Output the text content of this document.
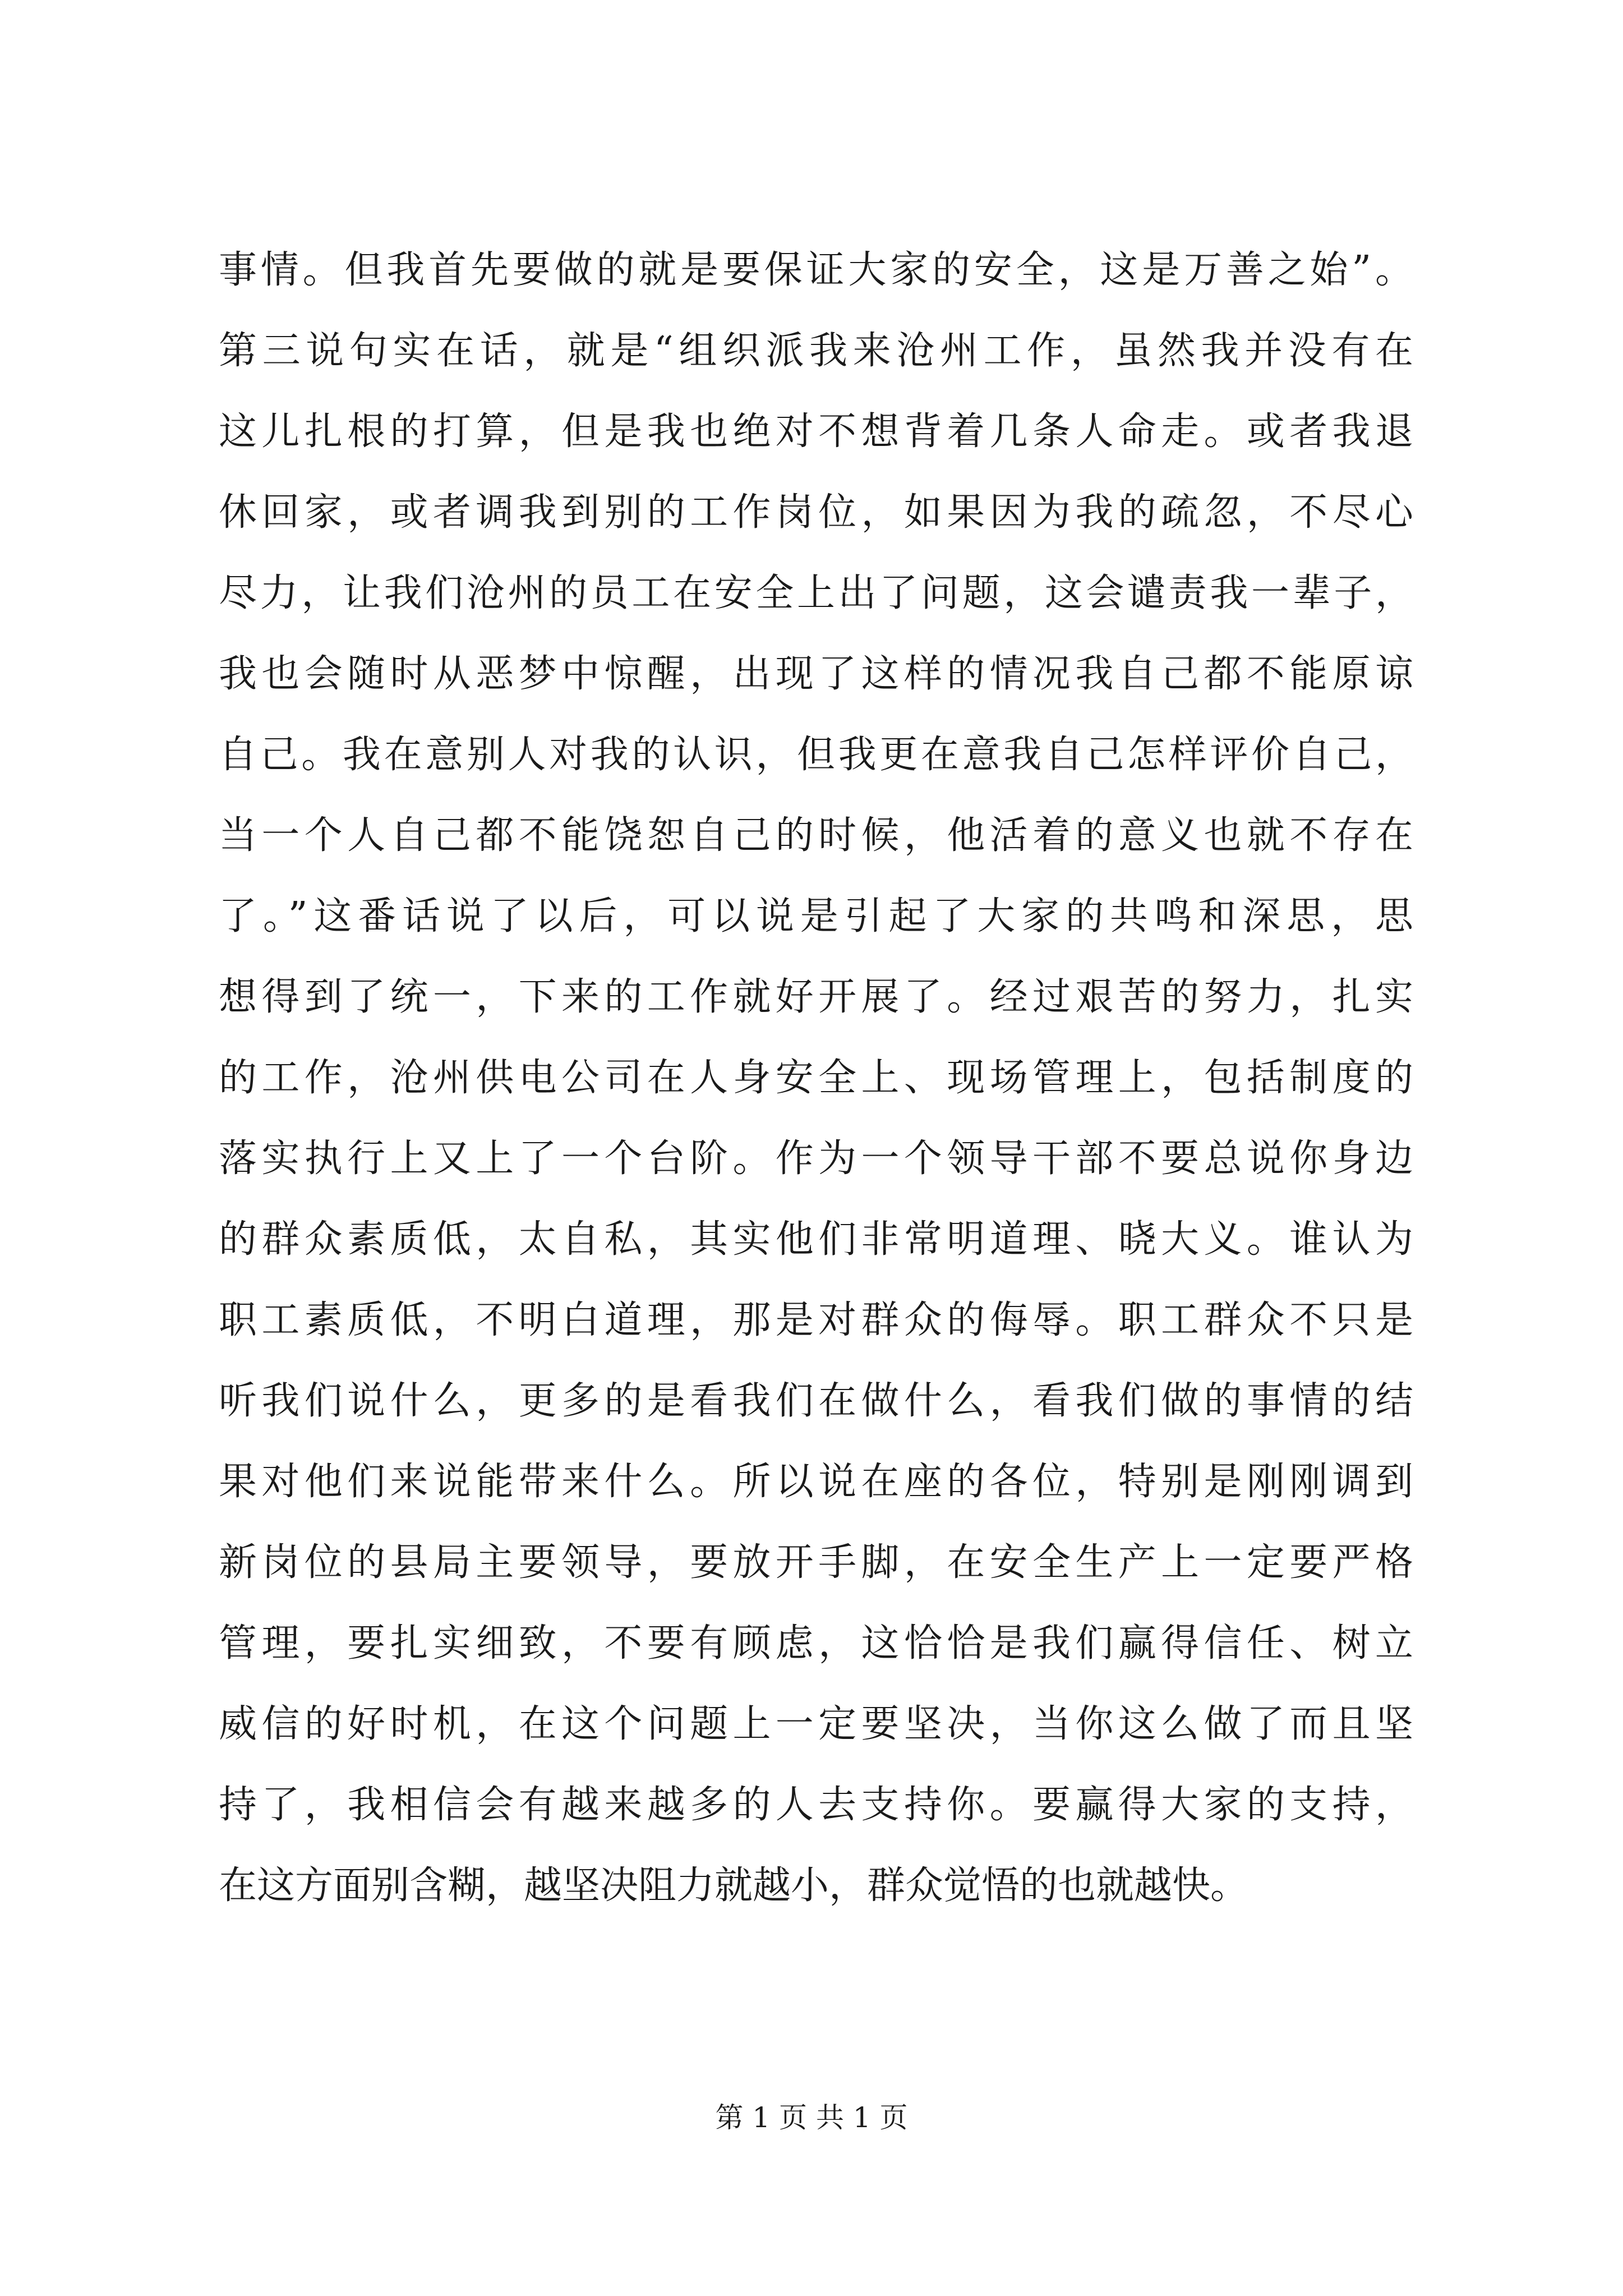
事情。但我首先要做的就是要保证大家的安全，这是万善之始”。
第三说句实在话，就是“组织派我来沧州工作，虽然我并没有在
这儿扎根的打算，但是我也绝对不想背着几条人命走。或者我退
休回家，或者调我到别的工作岗位，如果因为我的疏忽，不尽心
尽力，让我们沧州的员工在安全上出了问题，这会谴责我一辈子，
我也会随时从恶梦中惊醒，出现了这样的情况我自己都不能原谅
自己。我在意别人对我的认识，但我更在意我自己怎样评价自己，
当一个人自己都不能饶恕自己的时候，他活着的意义也就不存在
了。”这番话说了以后，可以说是引起了大家的共鸣和深思，思
想得到了统一，下来的工作就好开展了。经过艰苦的努力，扎实
的工作，沧州供电公司在人身安全上、现场管理上，包括制度的
落实执行上又上了一个台阶。作为一个领导干部不要总说你身边
的群众素质低，太自私，其实他们非常明道理、晓大义。谁认为
职工素质低，不明白道理，那是对群众的侮辱。职工群众不只是
听我们说什么，更多的是看我们在做什么，看我们做的事情的结
果对他们来说能带来什么。所以说在座的各位，特别是刚刚调到
新岗位的县局主要领导，要放开手脚，在安全生产上一定要严格
管理，要扎实细致，不要有顾虑，这恰恰是我们赢得信任、树立
威信的好时机，在这个问题上一定要坚决，当你这么做了而且坚
持了，我相信会有越来越多的人去支持你。要赢得大家的支持，
在这方面别含糊，越坚决阻力就越小，群众觉悟的也就越快。
第 1 页 共 1 页
